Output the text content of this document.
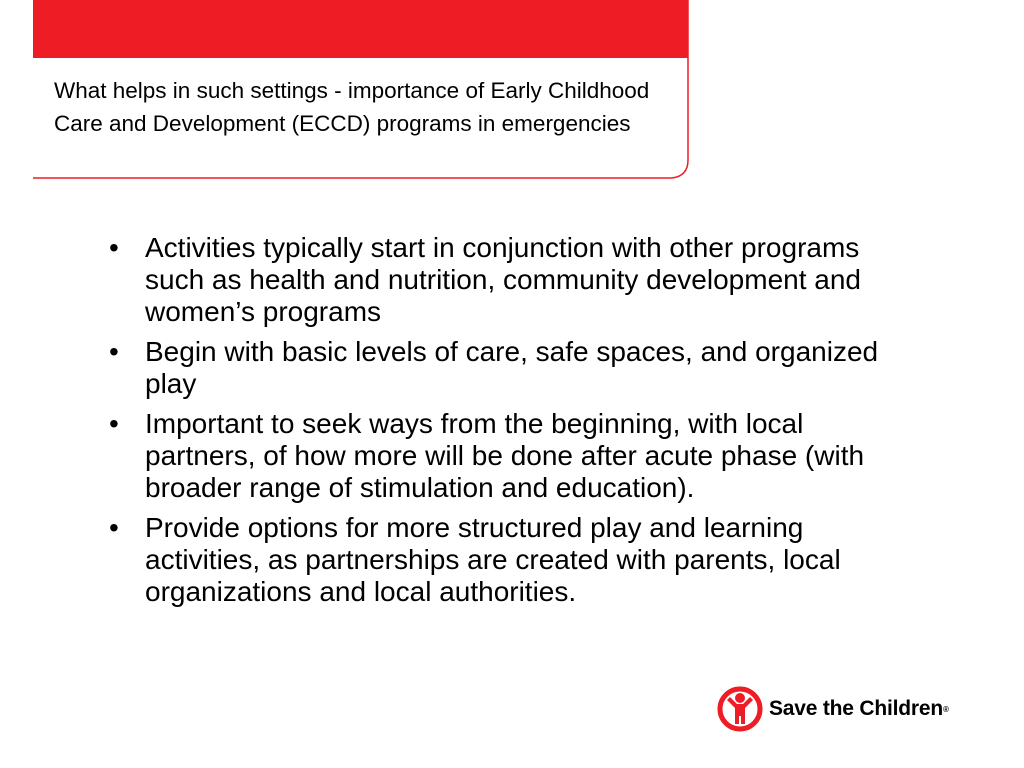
What helps in such settings - importance of Early Childhood Care and Development (ECCD) programs in emergencies
• Activities typically start in conjunction with other programs such as health and nutrition, community development and women’s programs
• Begin with basic levels of care, safe spaces, and organized play
• Important to seek ways from the beginning, with local partners, of how more will be done after acute phase (with broader range of stimulation and education).
• Provide options for more structured play and learning activities, as partnerships are created with parents, local organizations and local authorities.
Save the Children®
